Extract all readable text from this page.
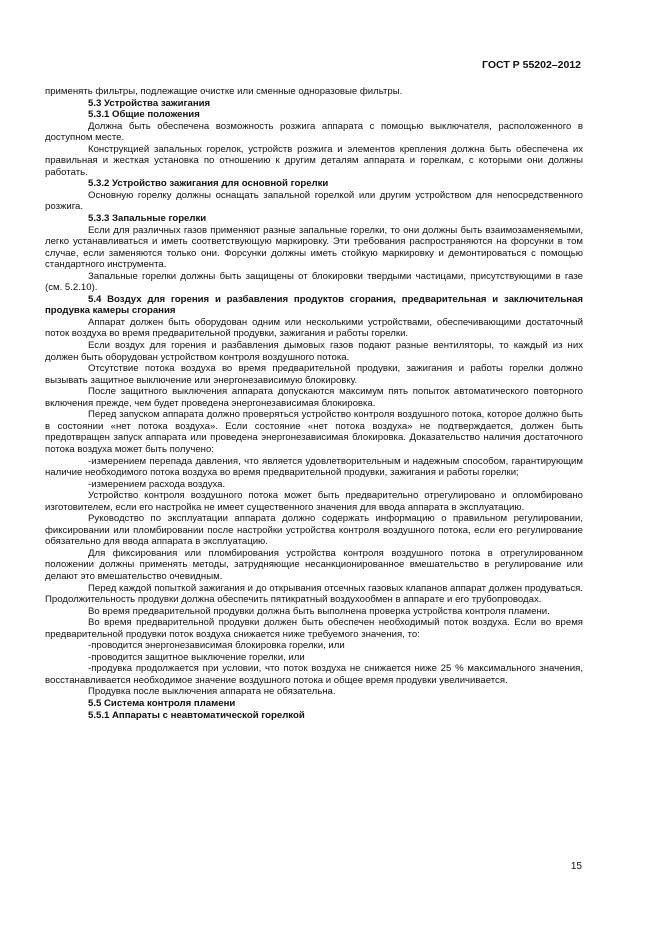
ГОСТ Р 55202–2012

применять фильтры, подлежащие очистке или сменные одноразовые фильтры.

5.3 Устройства зажигания

5.3.1 Общие положения

Должна быть обеспечена возможность розжига аппарата с помощью выключателя, расположенного в доступном месте.

Конструкцией запальных горелок, устройств розжига и элементов крепления должна быть обеспечена их правильная и жесткая установка по отношению к другим деталям аппарата и горелкам, с которыми они должны работать.

5.3.2 Устройство зажигания для основной горелки

Основную горелку должны оснащать запальной горелкой или другим устройством для непосредственного розжига.

5.3.3 Запальные горелки

Если для различных газов применяют разные запальные горелки, то они должны быть взаимозаменяемыми, легко устанавливаться и иметь соответствующую маркировку. Эти требования распространяются на форсунки в том случае, если заменяются только они. Форсунки должны иметь стойкую маркировку и демонтироваться с помощью стандартного инструмента.

Запальные горелки должны быть защищены от блокировки твердыми частицами, присутствующими в газе (см. 5.2.10).

5.4 Воздух для горения и разбавления продуктов сгорания, предварительная и заключительная продувка камеры сгорания

Аппарат должен быть оборудован одним или несколькими устройствами, обеспечивающими достаточный поток воздуха во время предварительной продувки, зажигания и работы горелки.

Если воздух для горения и разбавления дымовых газов подают разные вентиляторы, то каждый из них должен быть оборудован устройством контроля воздушного потока.

Отсутствие потока воздуха во время предварительной продувки, зажигания и работы горелки должно вызывать защитное выключение или энергонезависимую блокировку.

После защитного выключения аппарата допускаются максимум пять попыток автоматического повторного включения прежде, чем будет проведена энергонезависимая блокировка.

Перед запуском аппарата должно проверяться устройство контроля воздушного потока, которое должно быть в состоянии «нет потока воздуха». Если состояние «нет потока воздуха» не подтверждается, должен быть предотвращен запуск аппарата или проведена энергонезависимая блокировка. Доказательство наличия достаточного потока воздуха может быть получено:

-измерением перепада давления, что является удовлетворительным и надежным способом, гарантирующим наличие необходимого потока воздуха во время предварительной продувки, зажигания и работы горелки;

-измерением расхода воздуха.

Устройство контроля воздушного потока может быть предварительно отрегулировано и опломбировано изготовителем, если его настройка не имеет существенного значения для ввода аппарата в эксплуатацию.

Руководство по эксплуатации аппарата должно содержать информацию о правильном регулировании, фиксировании или пломбировании после настройки устройства контроля воздушного потока, если его регулирование обязательно для ввода аппарата в эксплуатацию.

Для фиксирования или пломбирования устройства контроля воздушного потока в отрегулированном положении должны применять методы, затрудняющие несанкционированное вмешательство в регулирование или делают это вмешательство очевидным.

Перед каждой попыткой зажигания и до открывания отсечных газовых клапанов аппарат должен продуваться. Продолжительность продувки должна обеспечить пятикратный воздухообмен в аппарате и его трубопроводах.

Во время предварительной продувки должна быть выполнена проверка устройства контроля пламени.

Во время предварительной продувки должен быть обеспечен необходимый поток воздуха. Если во время предварительной продувки поток воздуха снижается ниже требуемого значения, то:

-проводится энергонезависимая блокировка горелки, или

-проводится защитное выключение горелки, или

-продувка продолжается при условии, что поток воздуха не снижается ниже 25 % максимального значения, восстанавливается необходимое значение воздушного потока и общее время продувки увеличивается.

Продувка после выключения аппарата не обязательна.

5.5 Система контроля пламени

5.5.1 Аппараты с неавтоматической горелкой

15
